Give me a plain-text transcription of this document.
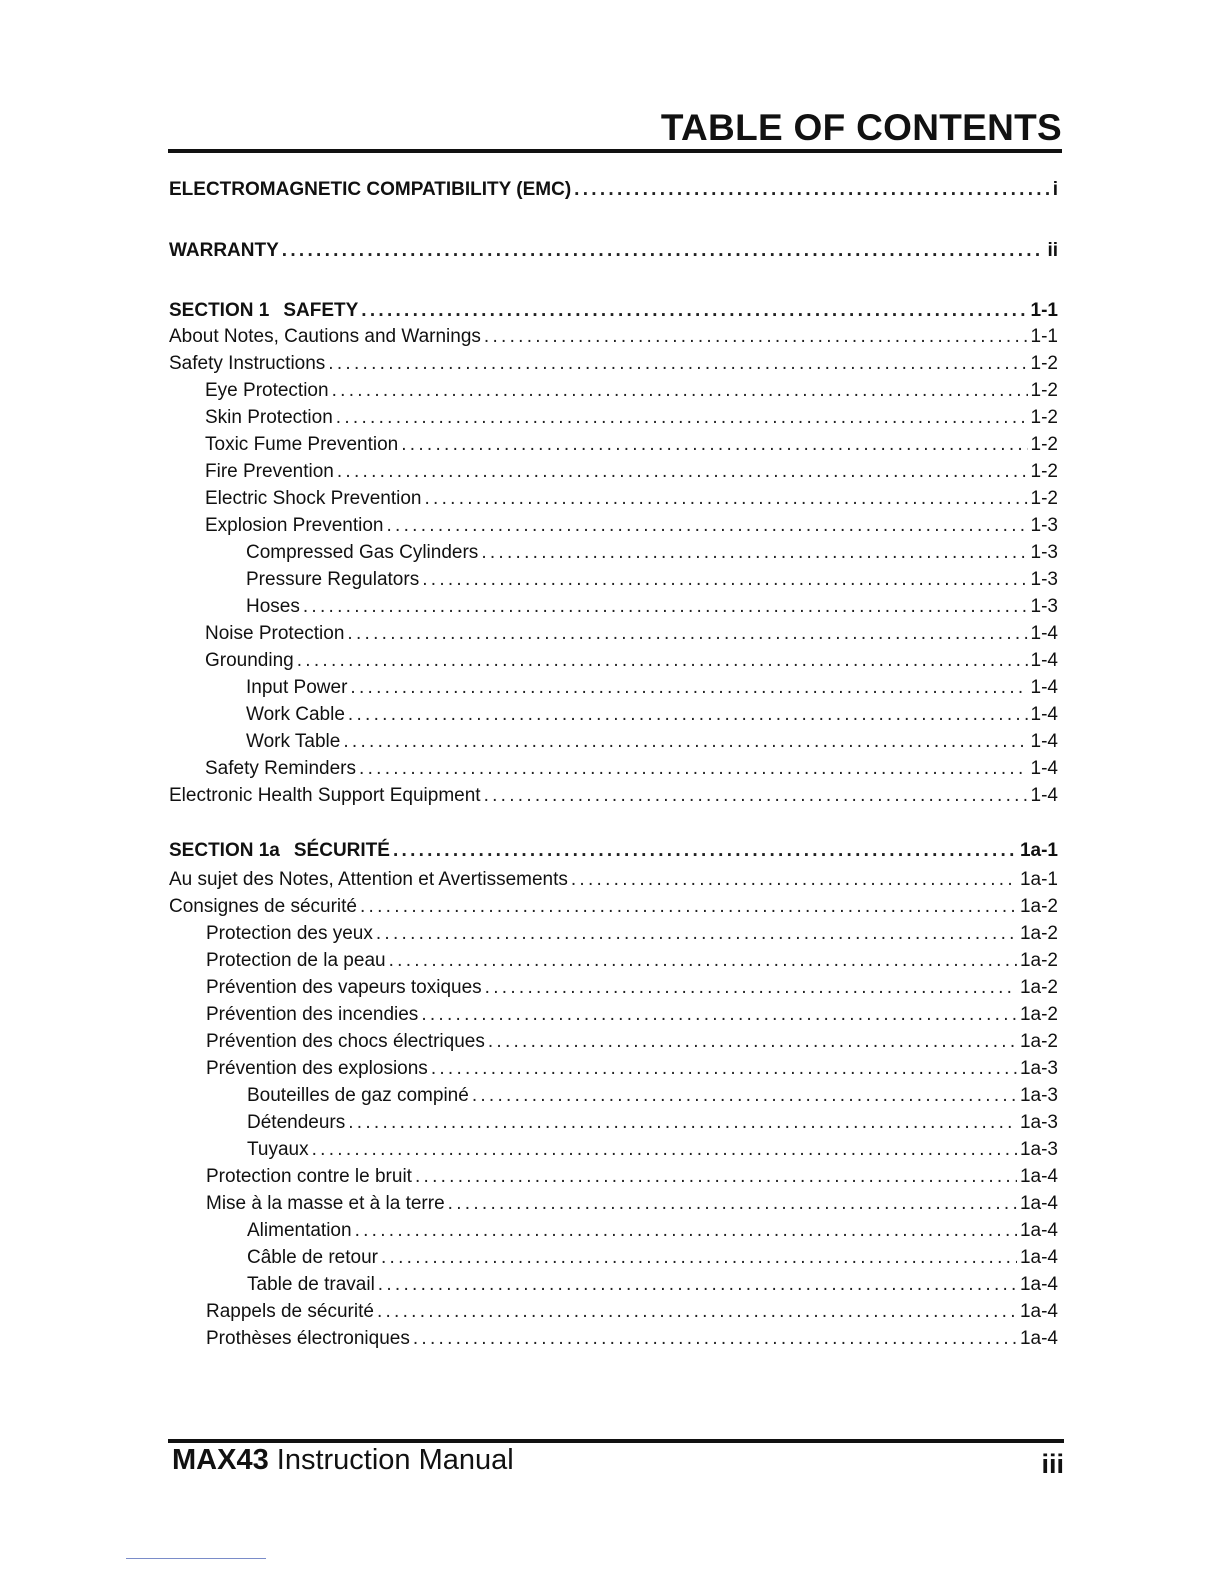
TABLE OF CONTENTS
ELECTROMAGNETIC COMPATIBILITY (EMC) . . .	i
WARRANTY . . .	ii
SECTION 1 SAFETY . . .	1-1
About Notes, Cautions and Warnings . . .	1-1
Safety Instructions . . .	1-2
Eye Protection . . .	1-2
Skin Protection . . .	1-2
Toxic Fume Prevention . . .	1-2
Fire Prevention . . .	1-2
Electric Shock Prevention . . .	1-2
Explosion Prevention . . .	1-3
Compressed Gas Cylinders . . .	1-3
Pressure Regulators . . .	1-3
Hoses . . .	1-3
Noise Protection . . .	1-4
Grounding . . .	1-4
Input Power . . .	1-4
Work Cable . . .	1-4
Work Table . . .	1-4
Safety Reminders . . .	1-4
Electronic Health Support Equipment . . .	1-4
SECTION 1a SÉCURITÉ . . .	1a-1
Au sujet des Notes, Attention et Avertissements . . .	1a-1
Consignes de sécurité . . .	1a-2
Protection des yeux . . .	1a-2
Protection de la peau . . .	1a-2
Prévention des vapeurs toxiques . . .	1a-2
Prévention des incendies . . .	1a-2
Prévention des chocs électriques . . .	1a-2
Prévention des explosions . . .	1a-3
Bouteilles de gaz compiné . . .	1a-3
Détendeurs . . .	1a-3
Tuyaux . . .	1a-3
Protection contre le bruit . . .	1a-4
Mise à la masse et à la terre . . .	1a-4
Alimentation . . .	1a-4
Câble de retour . . .	1a-4
Table de travail . . .	1a-4
Rappels de sécurité . . .	1a-4
Prothèses électroniques . . .	1a-4
MAX43 Instruction Manual	iii
